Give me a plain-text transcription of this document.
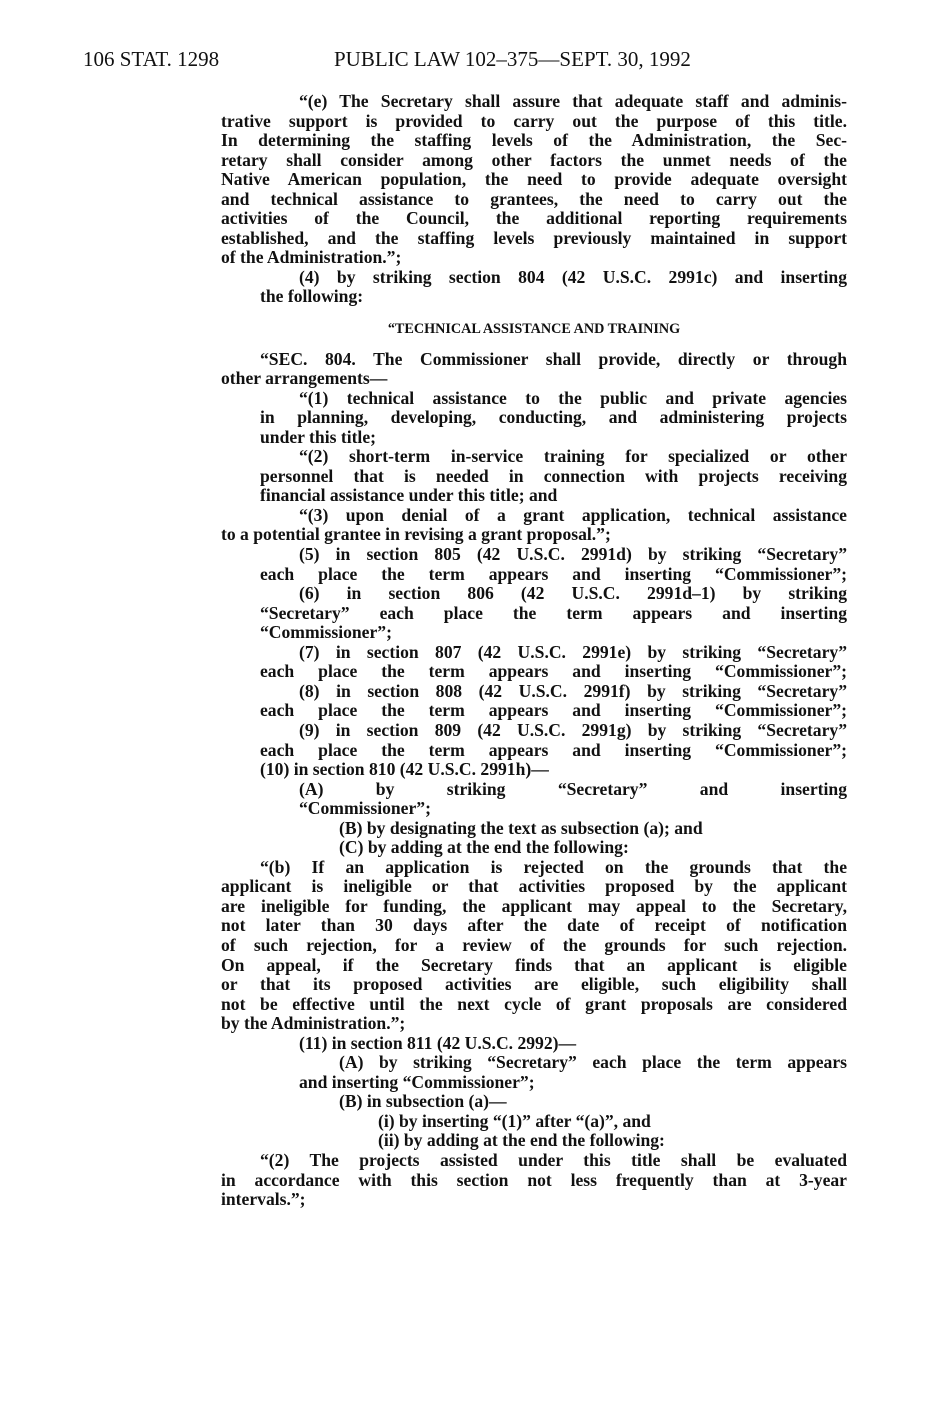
106 STAT. 1298	PUBLIC LAW 102–375—SEPT. 30, 1992
“(e) The Secretary shall assure that adequate staff and adminis-
trative support is provided to carry out the purpose of this title.
In determining the staffing levels of the Administration, the Sec-
retary shall consider among other factors the unmet needs of the
Native American population, the need to provide adequate oversight
and technical assistance to grantees, the need to carry out the
activities of the Council, the additional reporting requirements
established, and the staffing levels previously maintained in support
of the Administration.”;
(4) by striking section 804 (42 U.S.C. 2991c) and inserting
the following:
“TECHNICAL ASSISTANCE AND TRAINING
“SEC. 804. The Commissioner shall provide, directly or through
other arrangements—
“(1) technical assistance to the public and private agencies
in planning, developing, conducting, and administering projects
under this title;
“(2) short-term in-service training for specialized or other
personnel that is needed in connection with projects receiving
financial assistance under this title; and
“(3) upon denial of a grant application, technical assistance
to a potential grantee in revising a grant proposal.”;
(5) in section 805 (42 U.S.C. 2991d) by striking “Secretary”
each place the term appears and inserting “Commissioner”;
(6) in section 806 (42 U.S.C. 2991d–1) by striking
“Secretary” each place the term appears and inserting
“Commissioner”;
(7) in section 807 (42 U.S.C. 2991e) by striking “Secretary”
each place the term appears and inserting “Commissioner”;
(8) in section 808 (42 U.S.C. 2991f) by striking “Secretary”
each place the term appears and inserting “Commissioner”;
(9) in section 809 (42 U.S.C. 2991g) by striking “Secretary”
each place the term appears and inserting “Commissioner”;
(10) in section 810 (42 U.S.C. 2991h)—
(A) by striking “Secretary” and inserting
“Commissioner”;
(B) by designating the text as subsection (a); and
(C) by adding at the end the following:
“(b) If an application is rejected on the grounds that the
applicant is ineligible or that activities proposed by the applicant
are ineligible for funding, the applicant may appeal to the Secretary,
not later than 30 days after the date of receipt of notification
of such rejection, for a review of the grounds for such rejection.
On appeal, if the Secretary finds that an applicant is eligible
or that its proposed activities are eligible, such eligibility shall
not be effective until the next cycle of grant proposals are considered
by the Administration.”;
(11) in section 811 (42 U.S.C. 2992)—
(A) by striking “Secretary” each place the term appears
and inserting “Commissioner”;
(B) in subsection (a)—
(i) by inserting “(1)” after “(a)”, and
(ii) by adding at the end the following:
“(2) The projects assisted under this title shall be evaluated
in accordance with this section not less frequently than at 3-year
intervals.”;
